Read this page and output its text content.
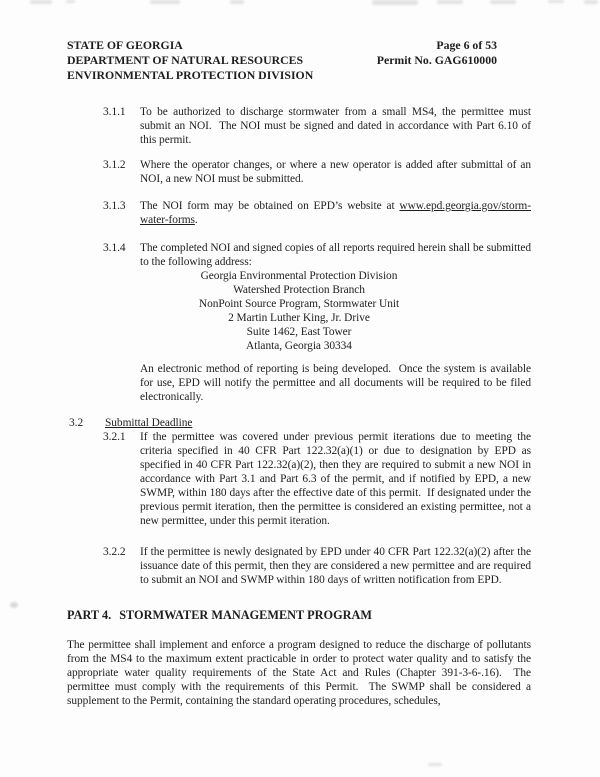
STATE OF GEORGIA
DEPARTMENT OF NATURAL RESOURCES
ENVIRONMENTAL PROTECTION DIVISION
Page 6 of 53
Permit No. GAG610000
3.1.1	To be authorized to discharge stormwater from a small MS4, the permittee must submit an NOI.  The NOI must be signed and dated in accordance with Part 6.10 of this permit.

3.1.2	Where the operator changes, or where a new operator is added after submittal of an NOI, a new NOI must be submitted.

3.1.3	The NOI form may be obtained on EPD’s website at www.epd.georgia.gov/storm-water-forms.

3.1.4	The completed NOI and signed copies of all reports required herein shall be submitted to the following address:

Georgia Environmental Protection Division
Watershed Protection Branch
NonPoint Source Program, Stormwater Unit
2 Martin Luther King, Jr. Drive
Suite 1462, East Tower
Atlanta, Georgia 30334

An electronic method of reporting is being developed.  Once the system is available for use, EPD will notify the permittee and all documents will be required to be filed electronically.

3.2	Submittal Deadline
3.2.1	If the permittee was covered under previous permit iterations due to meeting the criteria specified in 40 CFR Part 122.32(a)(1) or due to designation by EPD as specified in 40 CFR Part 122.32(a)(2), then they are required to submit a new NOI in accordance with Part 3.1 and Part 6.3 of the permit, and if notified by EPD, a new SWMP, within 180 days after the effective date of this permit.  If designated under the previous permit iteration, then the permittee is considered an existing permittee, not a new permittee, under this permit iteration.

3.2.2	If the permittee is newly designated by EPD under 40 CFR Part 122.32(a)(2) after the issuance date of this permit, then they are considered a new permittee and are required to submit an NOI and SWMP within 180 days of written notification from EPD.

PART 4. STORMWATER MANAGEMENT PROGRAM

The permittee shall implement and enforce a program designed to reduce the discharge of pollutants from the MS4 to the maximum extent practicable in order to protect water quality and to satisfy the appropriate water quality requirements of the State Act and Rules (Chapter 391-3-6-.16).  The permittee must comply with the requirements of this Permit.  The SWMP shall be considered a supplement to the Permit, containing the standard operating procedures, schedules,
